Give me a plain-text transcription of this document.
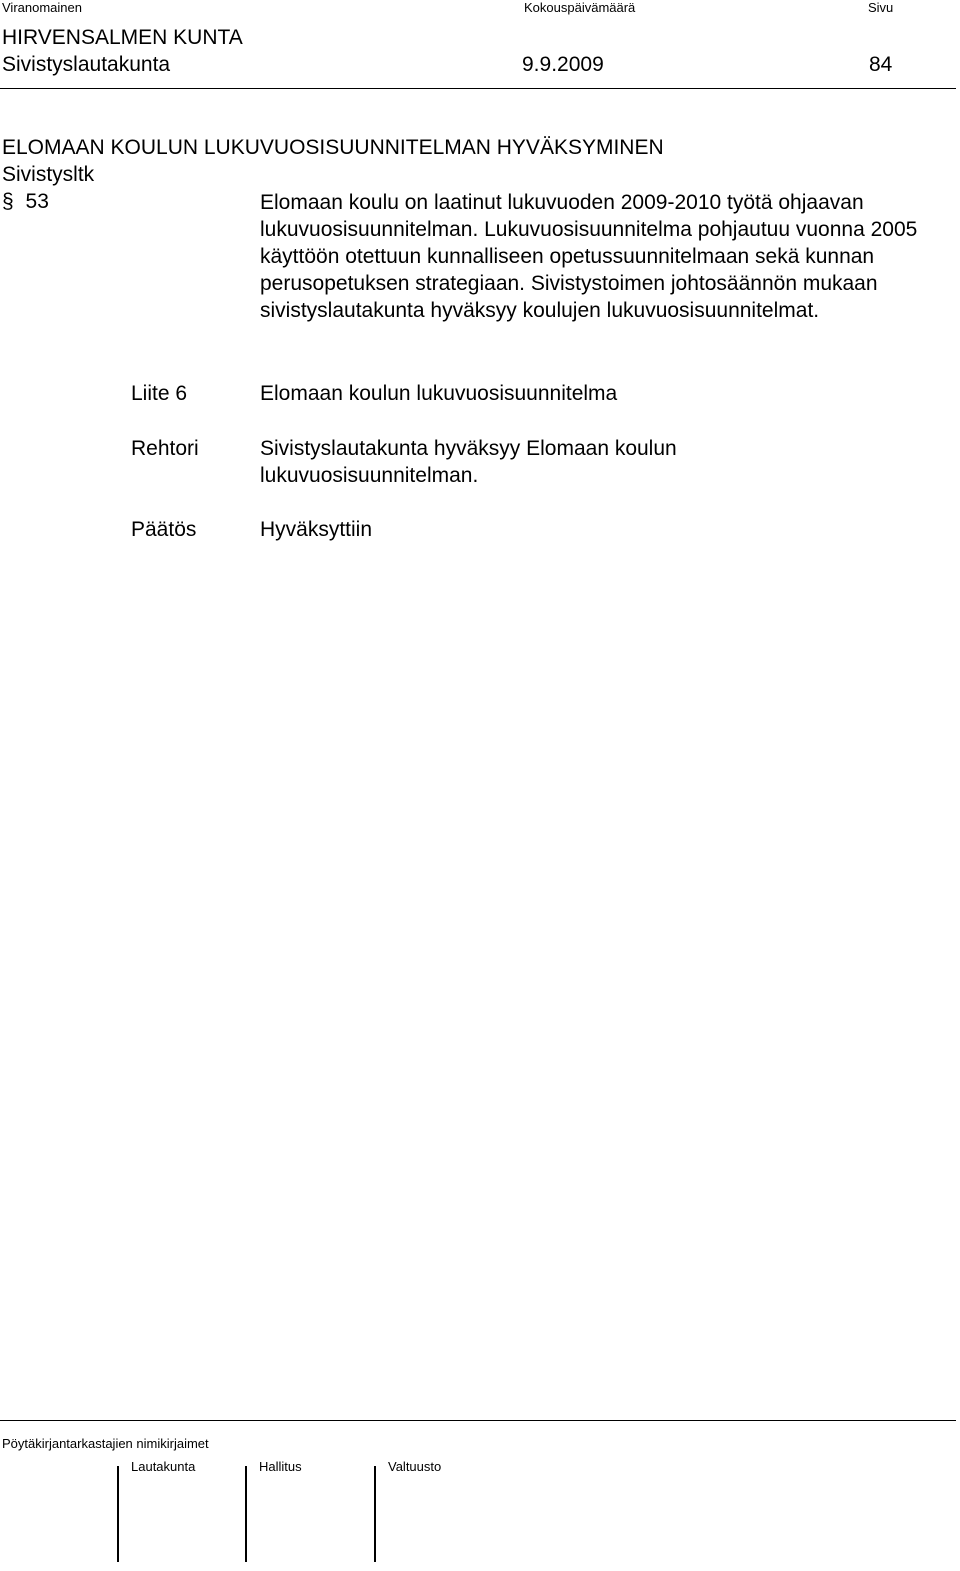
Viranomainen	Kokouspäivämäärä	Sivu
HIRVENSALMEN KUNTA
Sivistyslautakunta	9.9.2009	84
ELOMAAN KOULUN LUKUVUOSISUUNNITELMAN HYVÄKSYMINEN
Sivistysltk
§ 53	Elomaan koulu on laatinut lukuvuoden 2009-2010 työtä ohjaavan lukuvuosisuunnitelman. Lukuvuosisuunnitelma pohjautuu vuonna 2005 käyttöön otettuun kunnalliseen opetussuunnitelmaan sekä kunnan perusopetuksen strategiaan. Sivistystoimen johtosäännön mukaan sivistyslautakunta hyväksyy koulujen lukuvuosisuunnitelmat.
Liite 6	Elomaan koulun lukuvuosisuunnitelma
Rehtori	Sivistyslautakunta hyväksyy Elomaan koulun lukuvuosisuunnitelman.
Päätös	Hyväksyttiin
Pöytäkirjantarkastajien nimikirjaimet
Lautakunta	Hallitus	Valtuusto
